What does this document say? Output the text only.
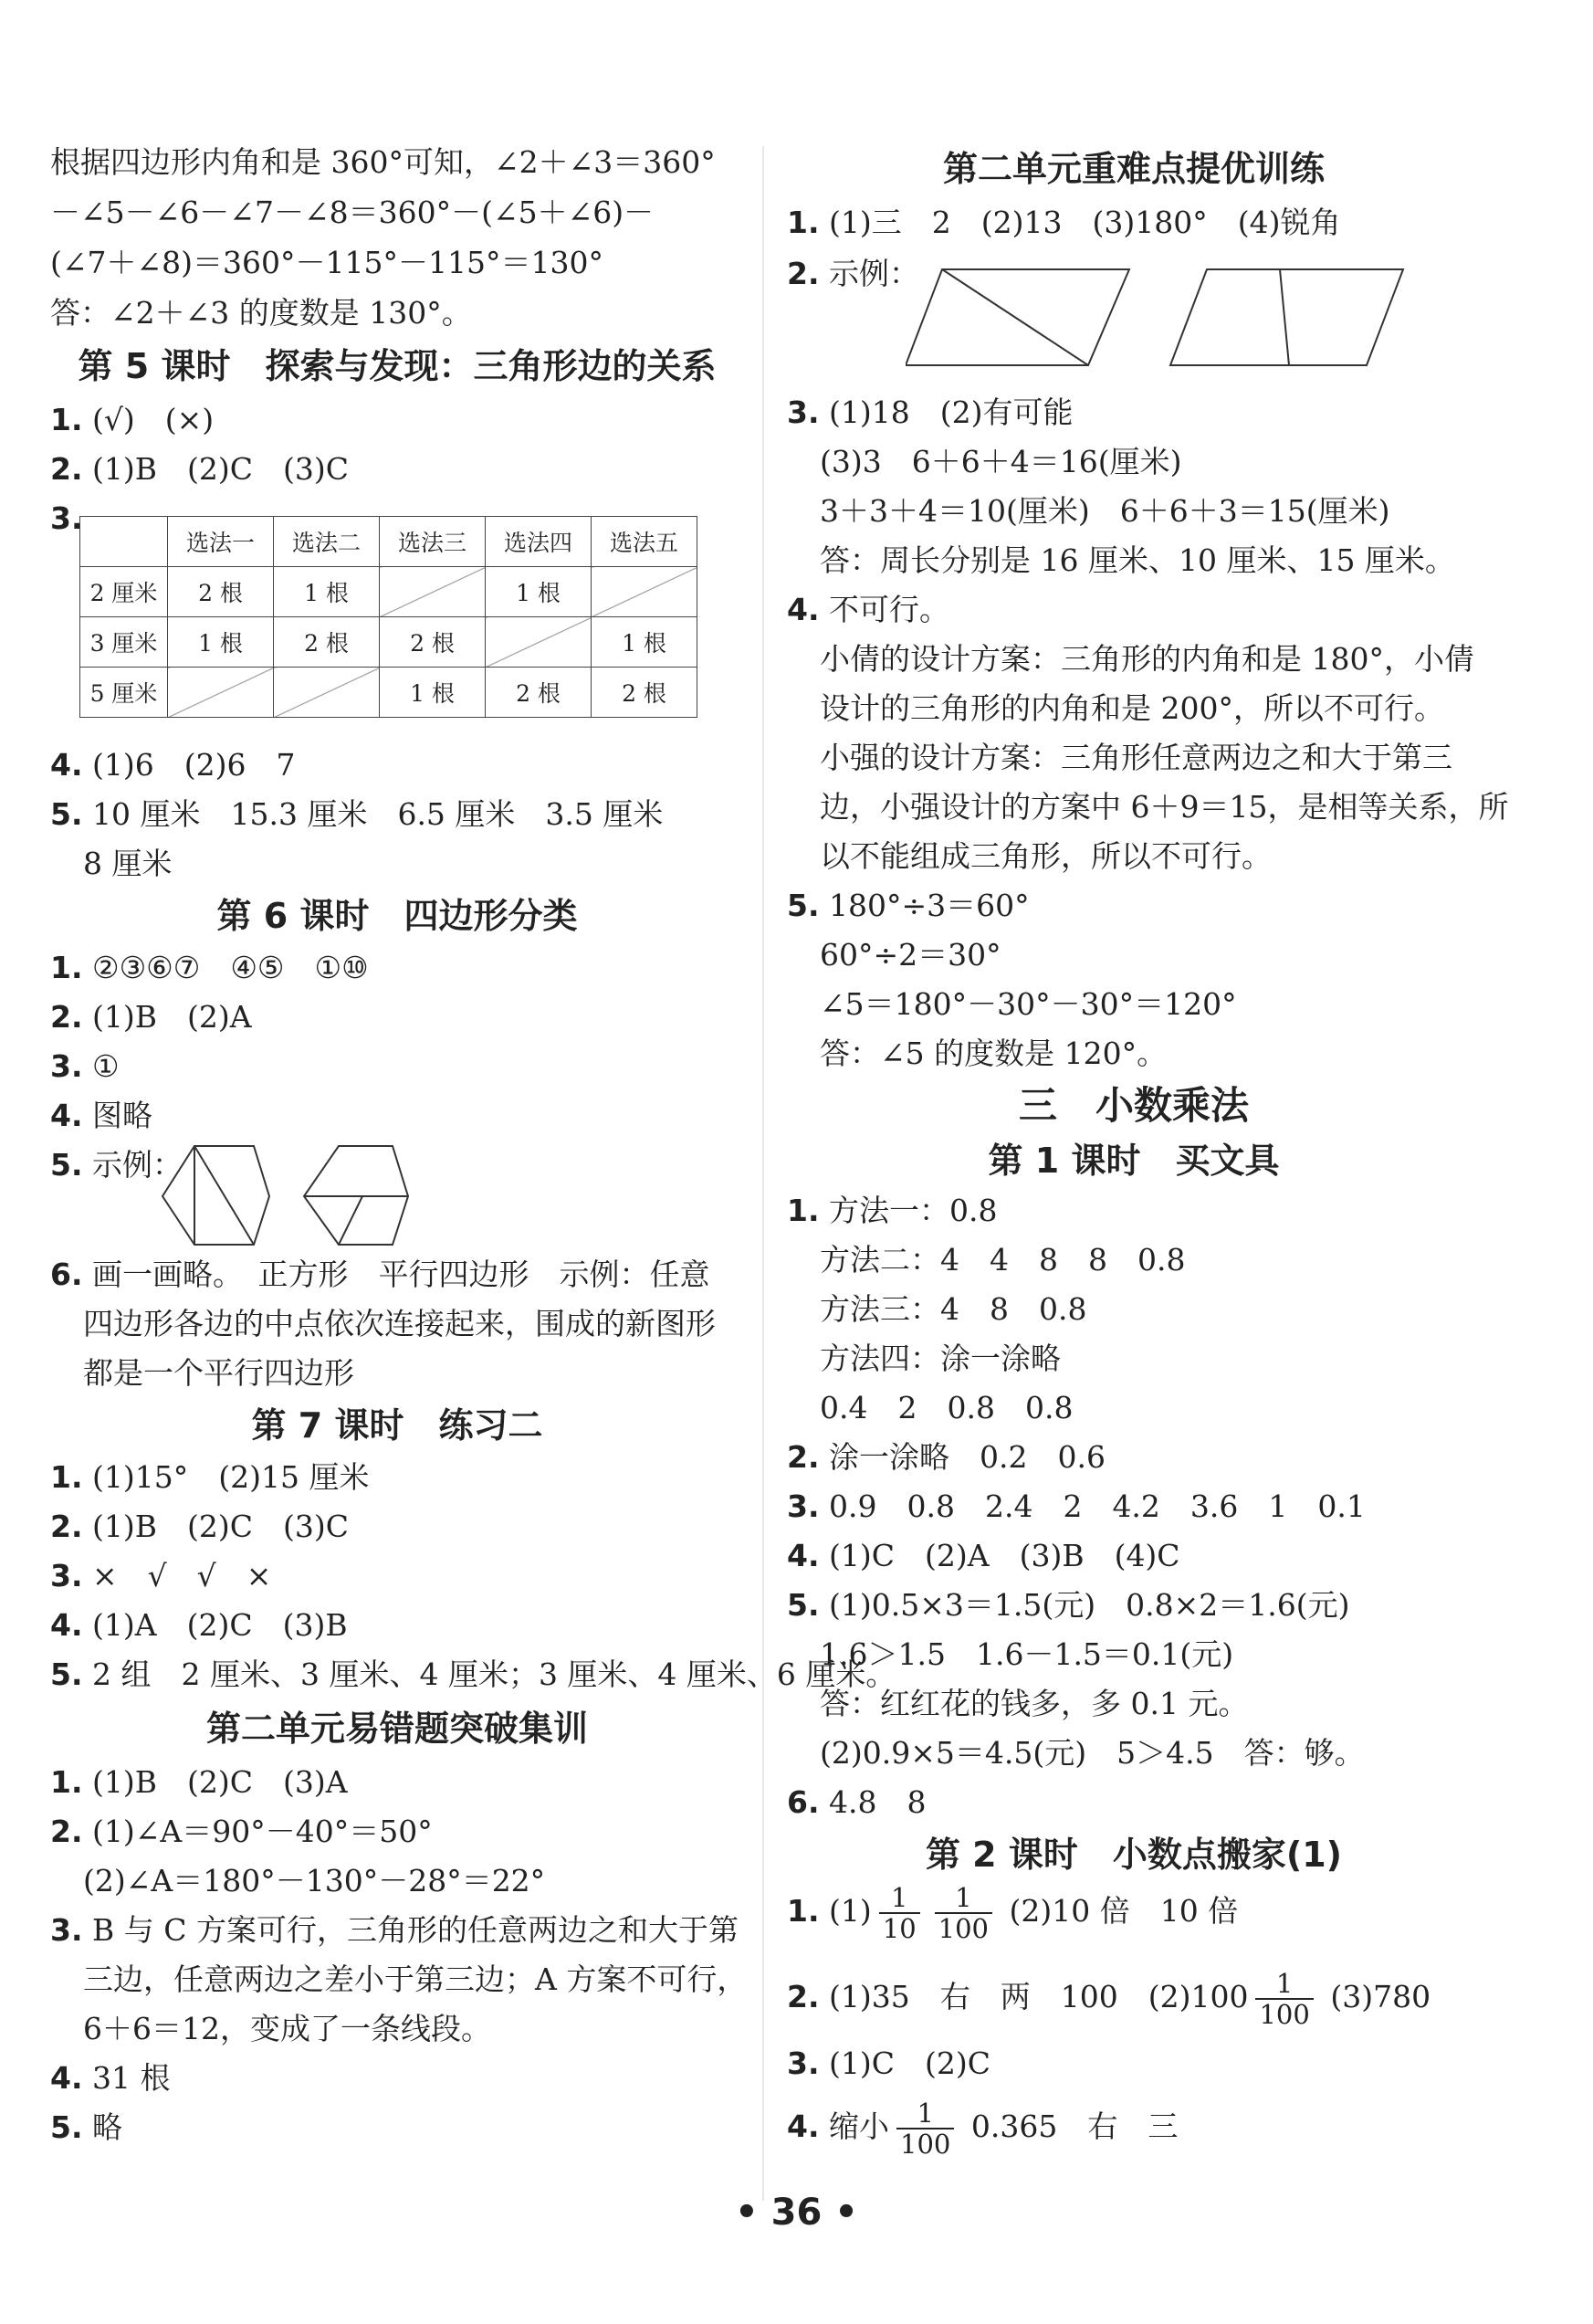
根据四边形内角和是 360°可知，∠2＋∠3＝360°
－∠5－∠6－∠7－∠8＝360°－(∠5＋∠6)－
(∠7＋∠8)＝360°－115°－115°＝130°
答：∠2＋∠3 的度数是 130°。
第 5 课时　探索与发现：三角形边的关系
1. (√)　(×)
2. (1)B　(2)C　(3)C
3.
	选法一	选法二	选法三	选法四	选法五
2 厘米	2 根	1 根		1 根	
3 厘米	1 根	2 根	2 根		1 根
5 厘米			1 根	2 根	2 根
4. (1)6　(2)6　7
5. 10 厘米　15.3 厘米　6.5 厘米　3.5 厘米
8 厘米
第 6 课时　四边形分类
1. ②③⑥⑦　④⑤　①⑩
2. (1)B　(2)A
3. ①
4. 图略
5. 示例：
6. 画一画略。　正方形　平行四边形　示例：任意
四边形各边的中点依次连接起来，围成的新图形
都是一个平行四边形
第 7 课时　练习二
1. (1)15°　(2)15 厘米
2. (1)B　(2)C　(3)C
3. ×　√　√　×
4. (1)A　(2)C　(3)B
5. 2 组　2 厘米、3 厘米、4 厘米；3 厘米、4 厘米、6 厘米。
第二单元易错题突破集训
1. (1)B　(2)C　(3)A
2. (1)∠A＝90°－40°＝50°
(2)∠A＝180°－130°－28°＝22°
3. B 与 C 方案可行，三角形的任意两边之和大于第
三边，任意两边之差小于第三边；A 方案不可行，
6＋6＝12，变成了一条线段。
4. 31 根
5. 略
第二单元重难点提优训练
1. (1)三　2　(2)13　(3)180°　(4)锐角
2. 示例：
3. (1)18　(2)有可能
(3)3　6＋6＋4＝16(厘米)
3＋3＋4＝10(厘米)　6＋6＋3＝15(厘米)
答：周长分别是 16 厘米、10 厘米、15 厘米。
4. 不可行。
小倩的设计方案：三角形的内角和是 180°，小倩
设计的三角形的内角和是 200°，所以不可行。
小强的设计方案：三角形任意两边之和大于第三
边，小强设计的方案中 6＋9＝15，是相等关系，所
以不能组成三角形，所以不可行。
5. 180°÷3＝60°
60°÷2＝30°
∠5＝180°－30°－30°＝120°
答：∠5 的度数是 120°。
三　小数乘法
第 1 课时　买文具
1. 方法一：0.8
方法二：4　4　8　8　0.8
方法三：4　8　0.8
方法四：涂一涂略
0.4　2　0.8　0.8
2. 涂一涂略　0.2　0.6
3. 0.9　0.8　2.4　2　4.2　3.6　1　0.1
4. (1)C　(2)A　(3)B　(4)C
5. (1)0.5×3＝1.5(元)　0.8×2＝1.6(元)
1.6＞1.5　1.6－1.5＝0.1(元)
答：红红花的钱多，多 0.1 元。
(2)0.9×5＝4.5(元)　5＞4.5　答：够。
6. 4.8　8
第 2 课时　小数点搬家(1)
1. $(1) \frac{1}{10} \frac{1}{100} (2)10$ 倍　10 倍
2. (1)35　右　两　100　$(2)100 \frac{1}{100} (3)780$
3. (1)C　(2)C
4. 缩小 $\frac{1}{100} 0.365$　右　三
• 36 •
